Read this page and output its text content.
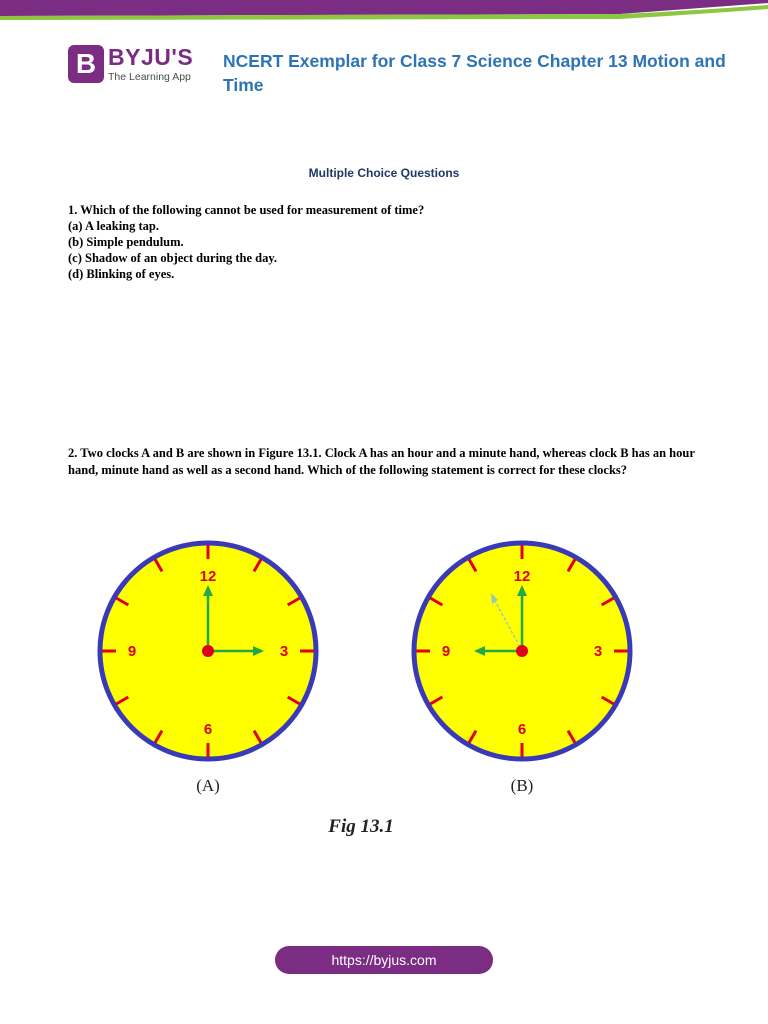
B BYJU'S
The Learning App
NCERT Exemplar for Class 7 Science Chapter 13 Motion and Time
Multiple Choice Questions
1. Which of the following cannot be used for measurement of time?
(a) A leaking tap.
(b) Simple pendulum.
(c) Shadow of an object during the day.
(d) Blinking of eyes.
2. Two clocks A and B are shown in Figure 13.1. Clock A has an hour and a minute hand, whereas clock B has an hour hand, minute hand as well as a second hand. Which of the following statement is correct for these clocks?
12
3
6
9
(A)
12
3
6
9
(B)
Fig 13.1
https://byjus.com
